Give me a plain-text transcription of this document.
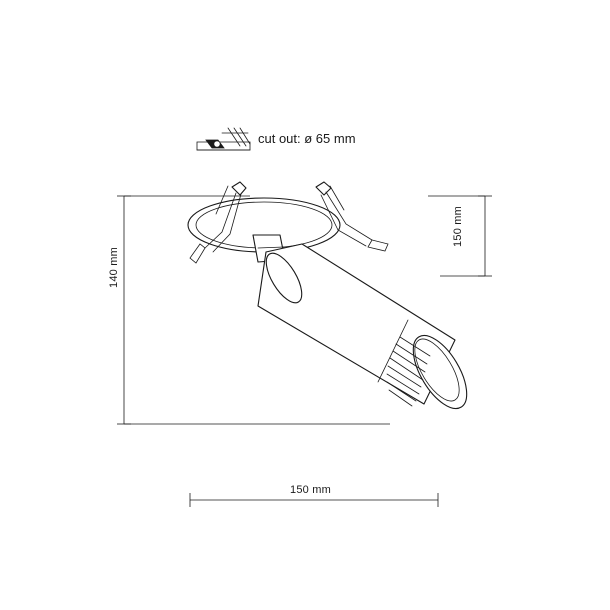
cut out: ø 65 mm
140 mm
150 mm
150 mm
